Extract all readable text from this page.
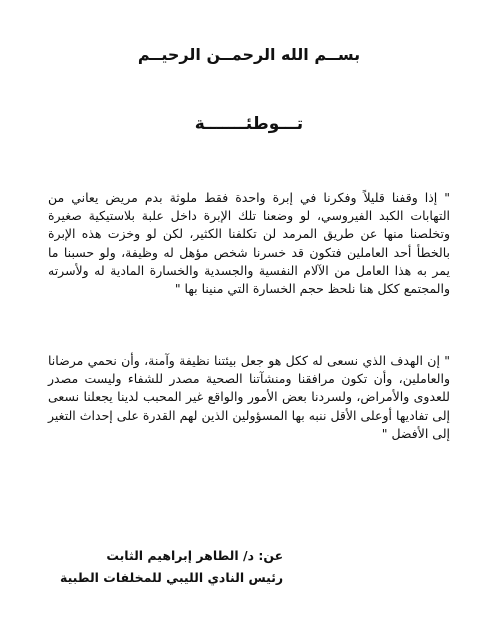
بســم الله الرحمــن الرحيــم
تـــوطئـــــــة

" إذا وقفنا قليلاً وفكرنا في إبرة واحدة فقط ملوثة بدم مريض يعاني من التهابات الكبد الفيروسي، لو وضعنا تلك الإبرة داخل علبة بلاستيكية صغيرة وتخلصنا منها عن طريق المرمد لن تكلفنا الكثير، لكن لو وخزت هذه الإبرة بالخطأ أحد العاملين فتكون قد خسرنا شخص مؤهل له وظيفة، ولو حسبنا ما يمر به هذا العامل من الآلام النفسية والجسدية والخسارة المادية له ولأسرته والمجتمع ككل هنا نلحظ حجم الخسارة التي منينا بها "

" إن الهدف الذي نسعى له ككل هو جعل بيئتنا نظيفة وآمنة، وأن نحمي مرضانا والعاملين، وأن تكون مرافقنا ومنشآتنا الصحية مصدر للشفاء وليست مصدر للعدوى والأمراض، ولسردنا بعض الأمور والواقع غير المحبب لدينا يجعلنا نسعى إلى تفاديها أوعلى الأقل ننبه بها المسؤولين الذين لهم القدرة على إحداث التغير إلى الأفضل "

عن: د/ الطاهر إبراهيم الثابت
رئيس النادي الليبي للمخلفات الطبية
